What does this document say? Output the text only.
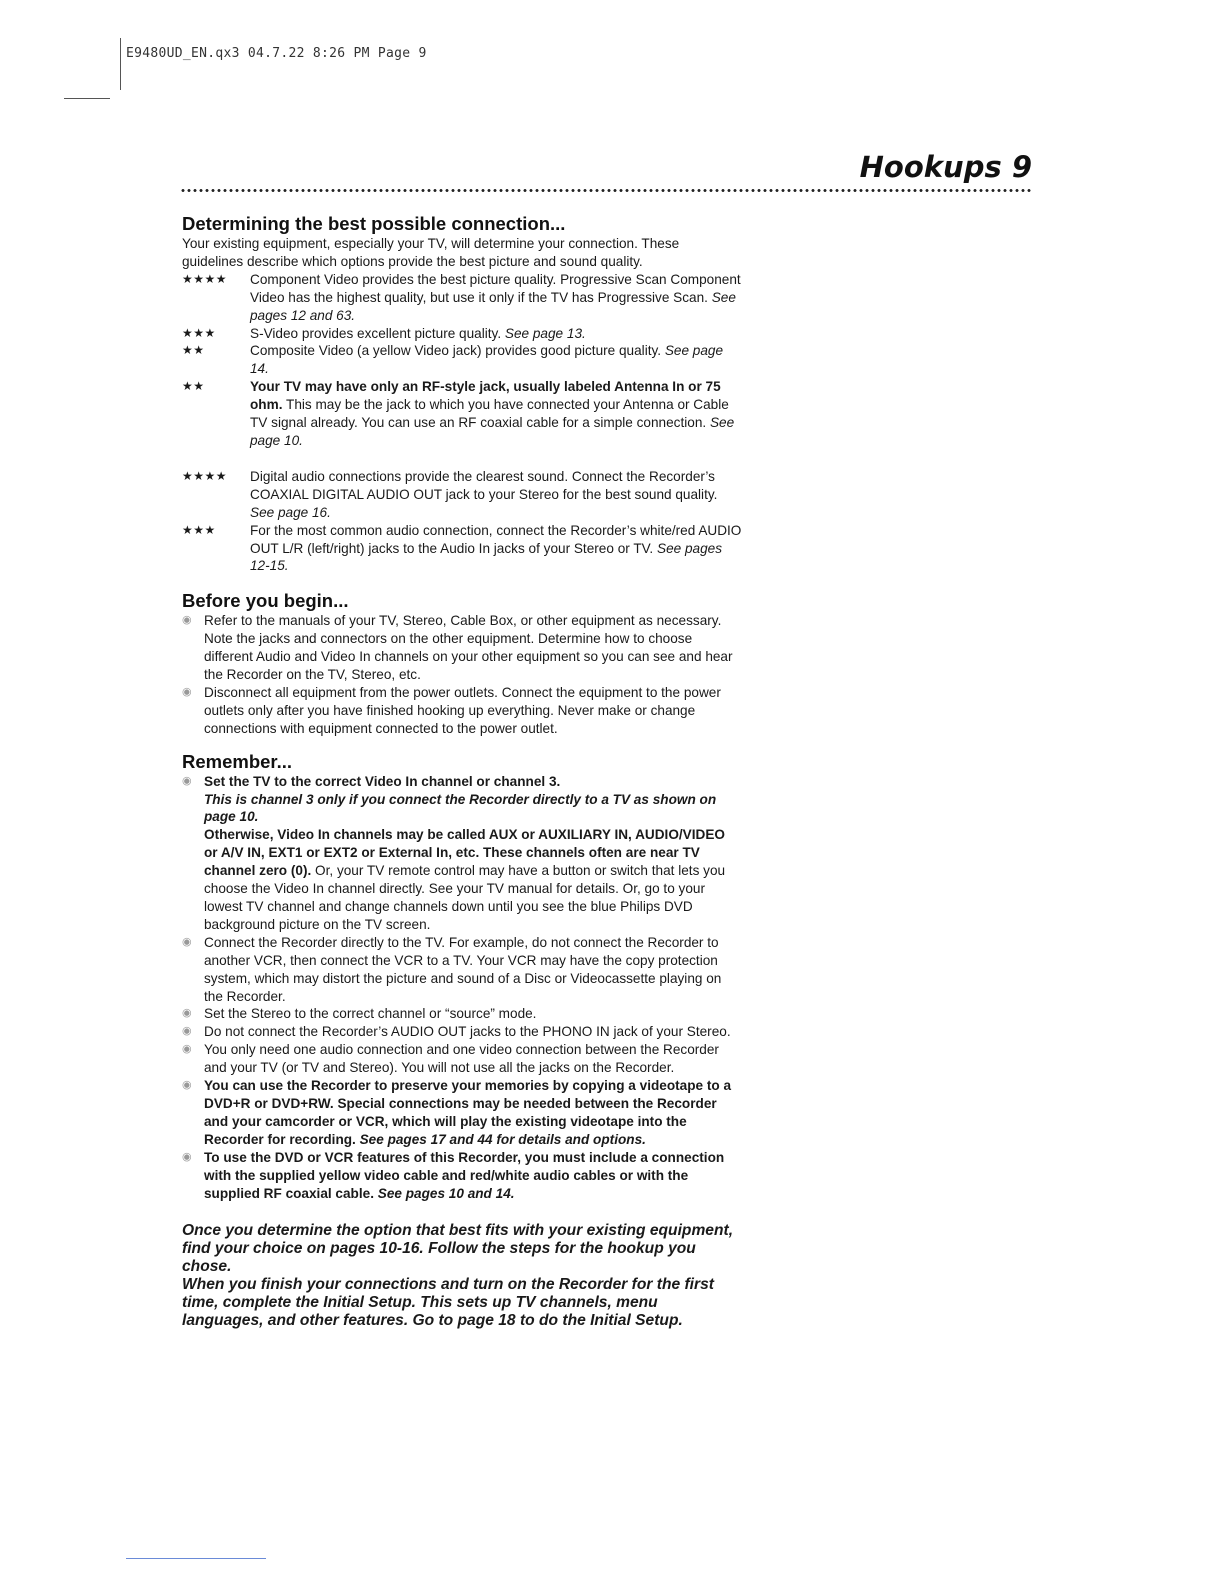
E9480UD_EN.qx3 04.7.22 8:26 PM Page 9
Hookups 9
Determining the best possible connection...

Your existing equipment, especially your TV, will determine your connection. These guidelines describe which options provide the best picture and sound quality.

★★★★	Component Video provides the best picture quality. Progressive Scan Component Video has the highest quality, but use it only if the TV has Progressive Scan. See pages 12 and 63.
★★★	S-Video provides excellent picture quality. See page 13.
★★	Composite Video (a yellow Video jack) provides good picture quality. See page 14.
★★	Your TV may have only an RF-style jack, usually labeled Antenna In or 75 ohm. This may be the jack to which you have connected your Antenna or Cable TV signal already. You can use an RF coaxial cable for a simple connection. See page 10.
★★★★	Digital audio connections provide the clearest sound. Connect the Recorder’s COAXIAL DIGITAL AUDIO OUT jack to your Stereo for the best sound quality. See page 16.
★★★	For the most common audio connection, connect the Recorder’s white/red AUDIO OUT L/R (left/right) jacks to the Audio In jacks of your Stereo or TV. See pages 12-15.
Before you begin...
◉ Refer to the manuals of your TV, Stereo, Cable Box, or other equipment as necessary. Note the jacks and connectors on the other equipment. Determine how to choose different Audio and Video In channels on your other equipment so you can see and hear the Recorder on the TV, Stereo, etc.
◉ Disconnect all equipment from the power outlets. Connect the equipment to the power outlets only after you have finished hooking up everything. Never make or change connections with equipment connected to the power outlet.
Remember...
◉ Set the TV to the correct Video In channel or channel 3.
This is channel 3 only if you connect the Recorder directly to a TV as shown on page 10.
Otherwise, Video In channels may be called AUX or AUXILIARY IN, AUDIO/VIDEO or A/V IN, EXT1 or EXT2 or External In, etc. These channels often are near TV channel zero (0). Or, your TV remote control may have a button or switch that lets you choose the Video In channel directly. See your TV manual for details. Or, go to your lowest TV channel and change channels down until you see the blue Philips DVD background picture on the TV screen.
◉ Connect the Recorder directly to the TV. For example, do not connect the Recorder to another VCR, then connect the VCR to a TV. Your VCR may have the copy protection system, which may distort the picture and sound of a Disc or Videocassette playing on the Recorder.
◉ Set the Stereo to the correct channel or “source” mode.
◉ Do not connect the Recorder’s AUDIO OUT jacks to the PHONO IN jack of your Stereo.
◉ You only need one audio connection and one video connection between the Recorder and your TV (or TV and Stereo). You will not use all the jacks on the Recorder.
◉ You can use the Recorder to preserve your memories by copying a videotape to a DVD+R or DVD+RW. Special connections may be needed between the Recorder and your camcorder or VCR, which will play the existing videotape into the Recorder for recording. See pages 17 and 44 for details and options.
◉ To use the DVD or VCR features of this Recorder, you must include a connection with the supplied yellow video cable and red/white audio cables or with the supplied RF coaxial cable. See pages 10 and 14.
Once you determine the option that best fits with your existing equipment, find your choice on pages 10-16. Follow the steps for the hookup you chose.
When you finish your connections and turn on the Recorder for the first time, complete the Initial Setup. This sets up TV channels, menu languages, and other features. Go to page 18 to do the Initial Setup.
